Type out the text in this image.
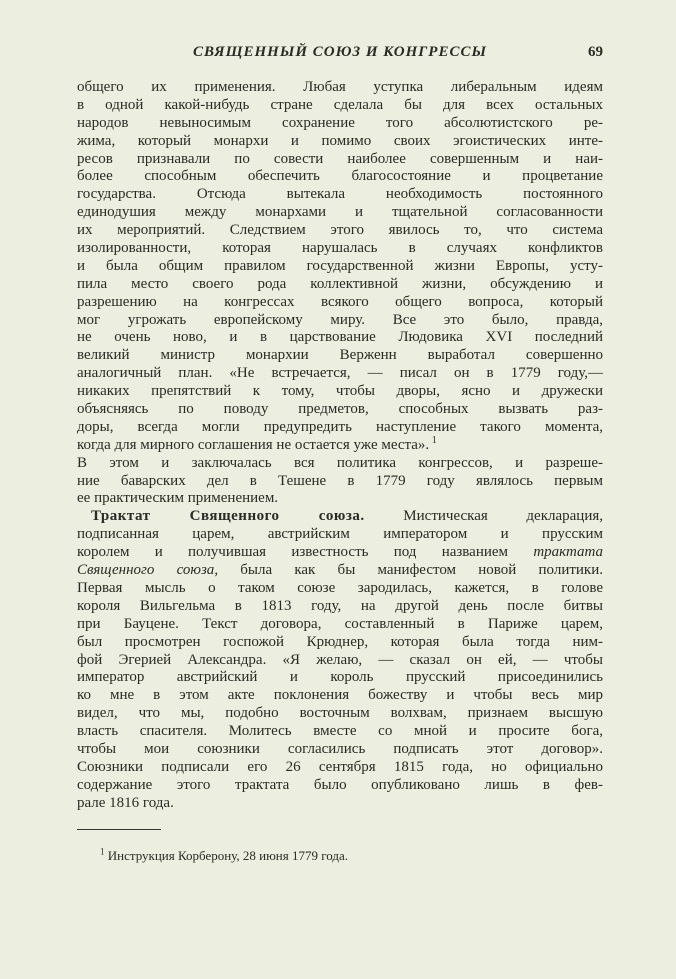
СВЯЩЕННЫЙ СОЮЗ И КОНГРЕССЫ	69
общего их применения. Любая уступка либеральным идеям
в одной какой-нибудь стране сделала бы для всех остальных
народов невыносимым сохранение того абсолютистского ре-
жима, который монархи и помимо своих эгоистических инте-
ресов признавали по совести наиболее совершенным и наи-
более способным обеспечить благосостояние и процветание
государства. Отсюда вытекала необходимость постоянного
единодушия между монархами и тщательной согласованности
их мероприятий. Следствием этого явилось то, что система
изолированности, которая нарушалась в случаях конфликтов
и была общим правилом государственной жизни Европы, усту-
пила место своего рода коллективной жизни, обсуждению и
разрешению на конгрессах всякого общего вопроса, который
мог угрожать европейскому миру. Все это было, правда,
не очень ново, и в царствование Людовика XVI последний
великий министр монархии Верженн выработал совершенно
аналогичный план. «Не встречается, — писал он в 1779 году,—
никаких препятствий к тому, чтобы дворы, ясно и дружески
объясняясь по поводу предметов, способных вызвать раз-
доры, всегда могли предупредить наступление такого момента,
когда для мирного соглашения не остается уже места». $^1$
В этом и заключалась вся политика конгрессов, и разреше-
ние баварских дел в Тешене в 1779 году являлось первым
ее практическим применением.
Трактат Священного союза.	Мистическая декларация,
подписанная царем, австрийским императором и прусским
королем и получившая известность под названием трактата
Священного союза, была как бы манифестом новой политики.
Первая мысль о таком союзе зародилась, кажется, в голове
короля Вильгельма в 1813 году, на другой день после битвы
при Бауцене. Текст договора, составленный в Париже царем,
был просмотрен госпожой Крюднер, которая была тогда ним-
фой Эгерией Александра. «Я желаю, — сказал он ей, — чтобы
император австрийский и король прусский присоединились
ко мне в этом акте поклонения божеству и чтобы весь мир
видел, что мы, подобно восточным волхвам, признаем высшую
власть спасителя. Молитесь вместе со мной и просите бога,
чтобы мои союзники согласились подписать этот договор».
Союзники подписали его 26 сентября 1815 года, но официально
содержание этого трактата было опубликовано лишь в фев-
рале 1816 года.
$^1$ Инструкция Корберону, 28 июня 1779 года.
